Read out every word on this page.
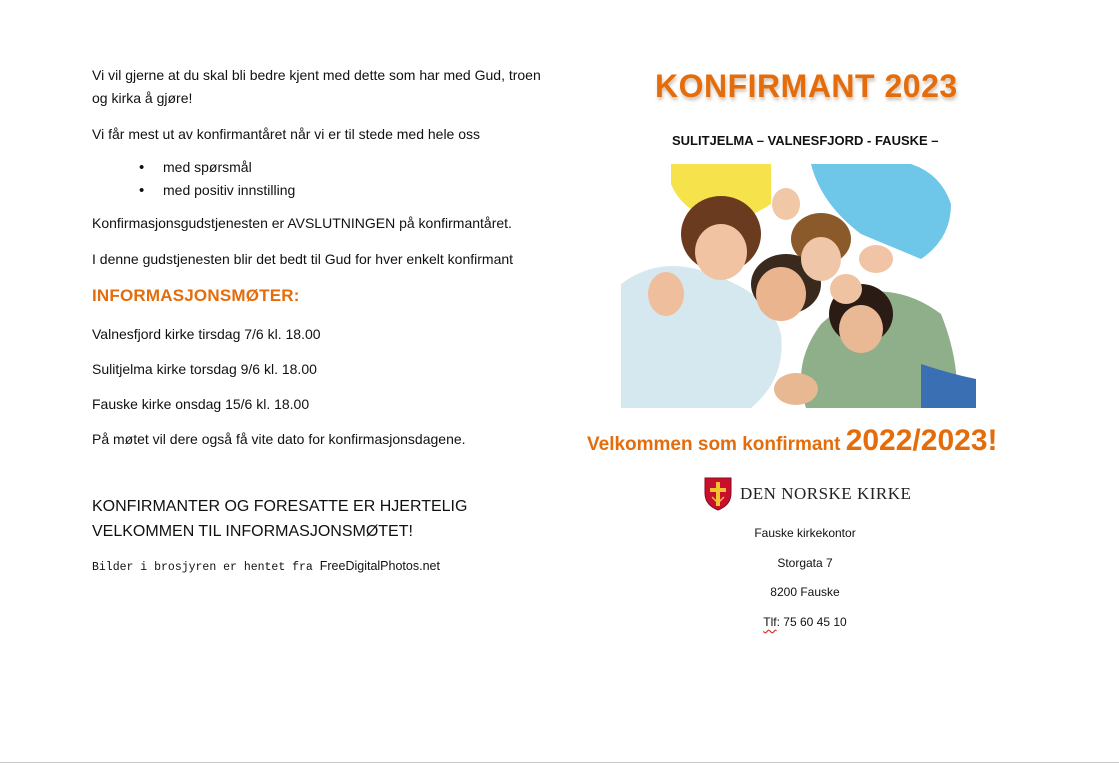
Vi vil gjerne at du skal bli bedre kjent med dette som har med Gud, troen og kirka å gjøre!

Vi får mest ut av konfirmantåret når vi er til stede med hele oss

• med spørsmål
• med positiv innstilling

Konfirmasjonsgudstjenesten er AVSLUTNINGEN på konfirmantåret.

I denne gudstjenesten blir det bedt til Gud for hver enkelt konfirmant

INFORMASJONSMØTER:

Valnesfjord kirke tirsdag 7/6 kl. 18.00

Sulitjelma kirke torsdag 9/6 kl. 18.00

Fauske kirke onsdag 15/6 kl. 18.00

På møtet vil dere også få vite dato for konfirmasjonsdagene.

KONFIRMANTER OG FORESATTE ER HJERTELIG VELKOMMEN TIL INFORMASJONSMØTET!

Bilder i brosjyren er hentet fra FreeDigitalPhotos.net

KONFIRMANT 2023
SULITJELMA – VALNESFJORD - FAUSKE –
Velkommen som konfirmant 2022/2023!
DEN NORSKE KIRKE
Fauske kirkekontor
Storgata 7
8200 Fauske
Tlf: 75 60 45 10
